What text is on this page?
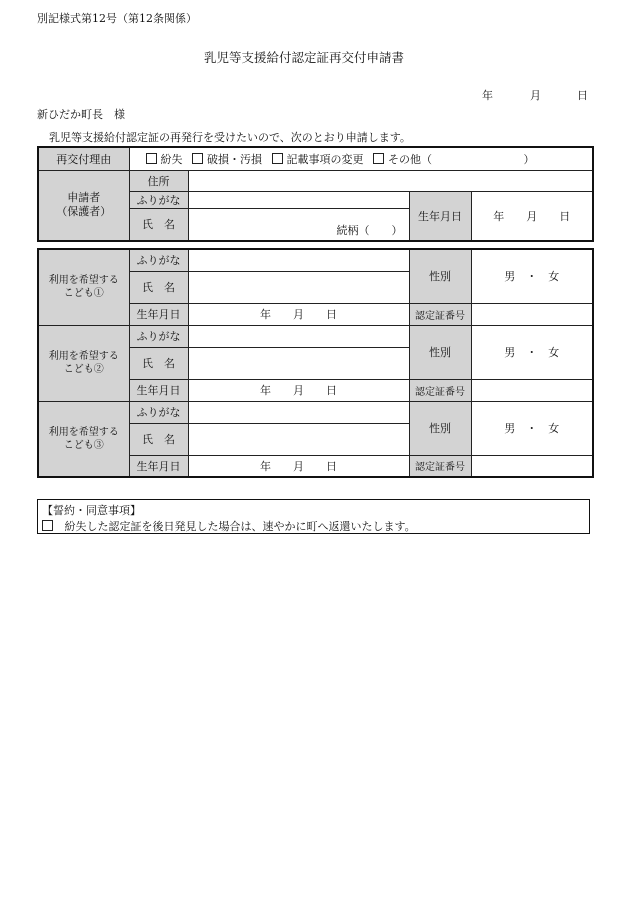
別記様式第12号（第12条関係）
乳児等支援給付認定証再交付申請書
年	月	日
新ひだか町長　様
乳児等支援給付認定証の再発行を受けたいので、次のとおり申請します。
再交付理由	紛失 破損・汚損 記載事項の変更 その他（ ）			
申請者
（保護者）	住所			
	ふりがな		生年月日	年　　月　　日
	氏　名	続柄（　　）		
利用を希望する
こども①	ふりがな		性別	男　・　女
	氏　名			
	生年月日	年　　月　　日	認定証番号	
利用を希望する
こども②	ふりがな		性別	男　・　女
	氏　名			
	生年月日	年　　月　　日	認定証番号	
利用を希望する
こども③	ふりがな		性別	男　・　女
	氏　名			
	生年月日	年　　月　　日	認定証番号	
【誓約・同意事項】
紛失した認定証を後日発見した場合は、速やかに町へ返還いたします。
